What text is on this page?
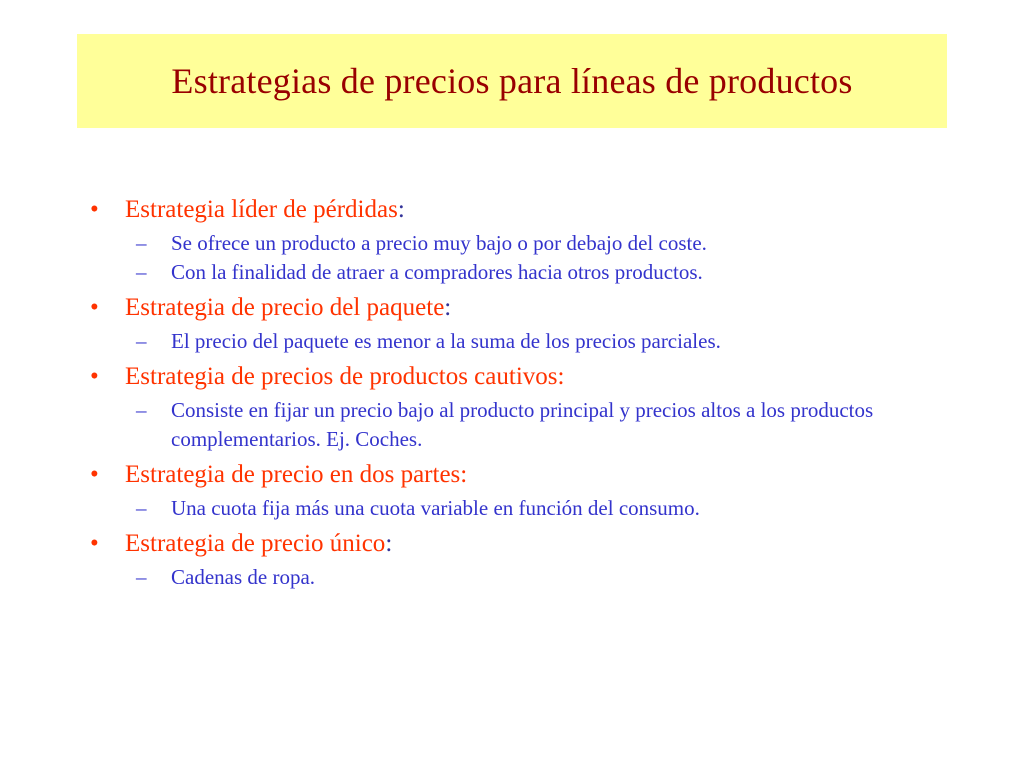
Estrategias de precios para líneas de productos
•	Estrategia líder de pérdidas:
–	Se ofrece un producto a precio muy bajo o por debajo del coste.
–	Con la finalidad de atraer a compradores hacia otros productos.
•	Estrategia de precio del paquete:
–	El precio del paquete es menor a la suma de los precios parciales.
•	Estrategia de precios de productos cautivos:
–	Consiste en fijar un precio bajo al producto principal y precios altos a los productos complementarios. Ej. Coches.
•	Estrategia de precio en dos partes:
–	Una cuota fija más una cuota variable en función del consumo.
•	Estrategia de precio único:
–	Cadenas de ropa.
